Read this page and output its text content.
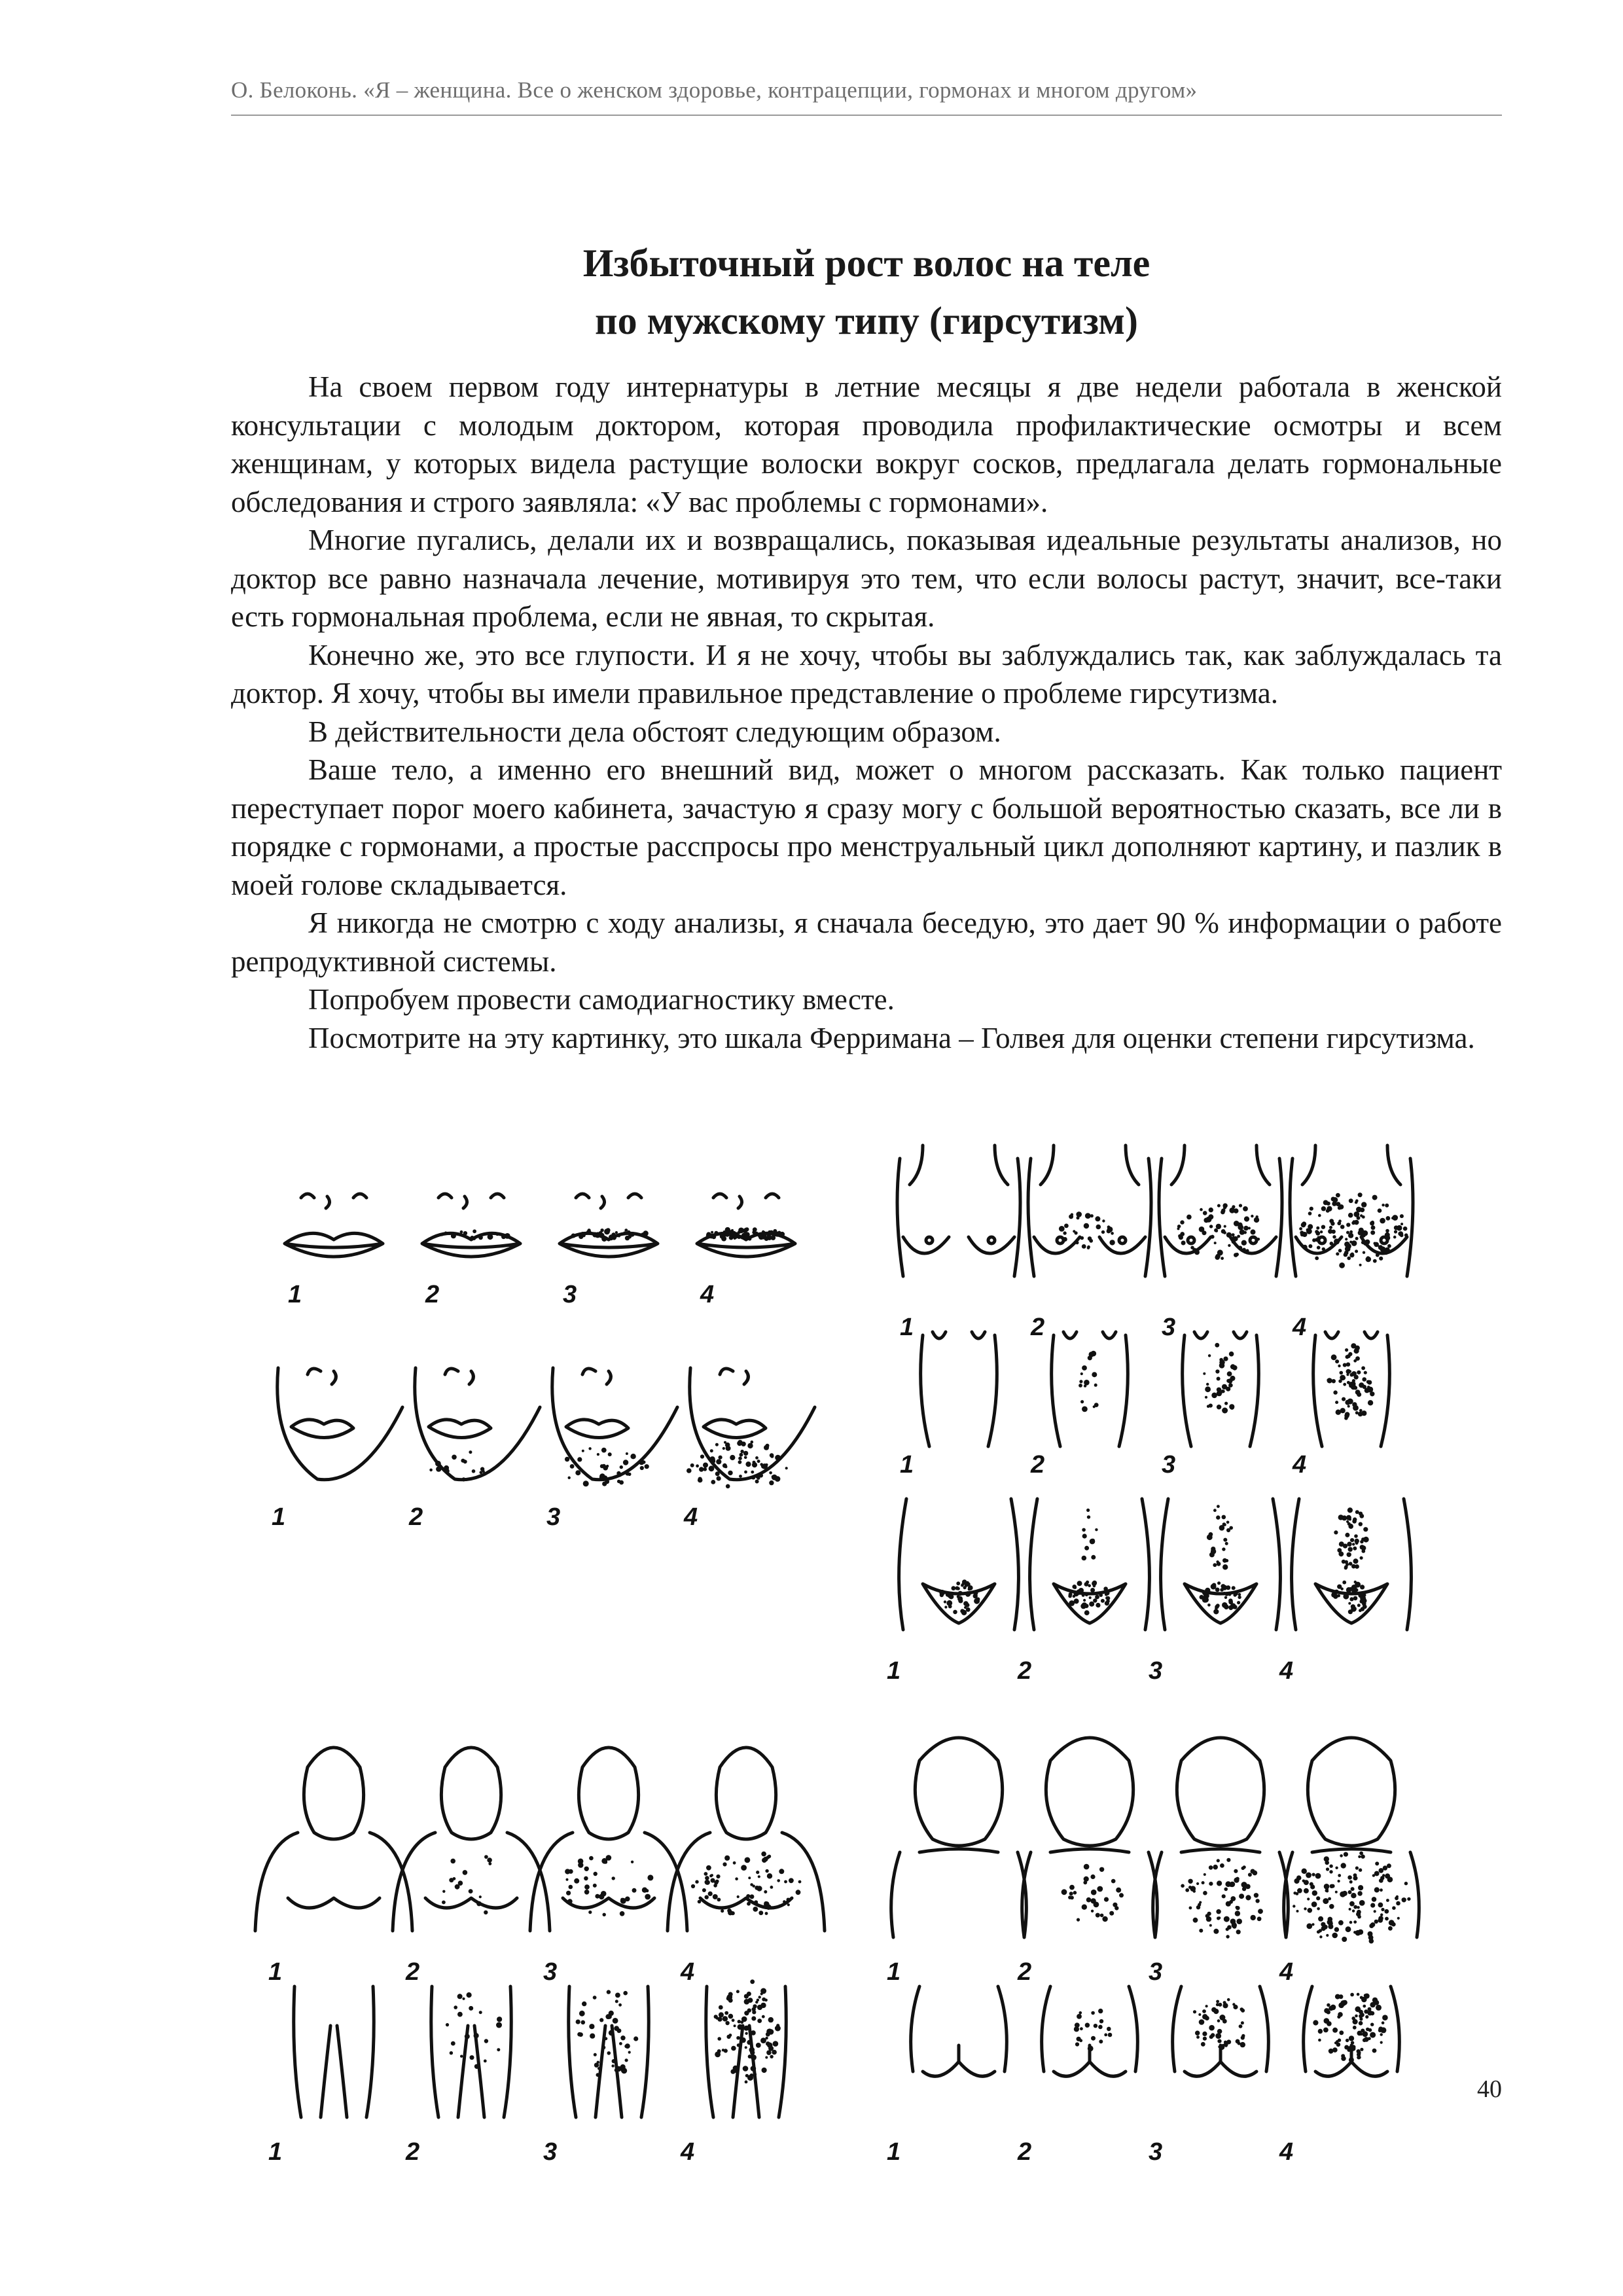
О. Белоконь. «Я – женщина. Все о женском здоровье, контрацепции, гормонах и многом другом»
Избыточный рост волос на теле
по мужскому типу (гирсутизм)

На своем первом году интернатуры в летние месяцы я две недели работала в женской консультации с молодым доктором, которая проводила профилактические осмотры и всем женщинам, у которых видела растущие волоски вокруг сосков, предлагала делать гормональные обследования и строго заявляла: «У вас проблемы с гормонами».

Многие пугались, делали их и возвращались, показывая идеальные результаты анализов, но доктор все равно назначала лечение, мотивируя это тем, что если волосы растут, значит, все-таки есть гормональная проблема, если не явная, то скрытая.

Конечно же, это все глупости. И я не хочу, чтобы вы заблуждались так, как заблуждалась та доктор. Я хочу, чтобы вы имели правильное представление о проблеме гирсутизма.

В действительности дела обстоят следующим образом.

Ваше тело, а именно его внешний вид, может о многом рассказать. Как только пациент переступает порог моего кабинета, зачастую я сразу могу с большой вероятностью сказать, все ли в порядке с гормонами, а простые расспросы про менструальный цикл дополняют картину, и пазлик в моей голове складывается.

Я никогда не смотрю с ходу анализы, я сначала беседую, это дает 90 % информации о работе репродуктивной системы.

Попробуем провести самодиагностику вместе.

Посмотрите на эту картинку, это шкала Ферримана – Голвея для оценки степени гирсутизма.

1	2	3	4
1	2	3	4
1	2	3	4
1	2	3	4
1	2	3	4
1	2	3	4
1	2	3	4
1	2	3	4
1	2	3	4
40
